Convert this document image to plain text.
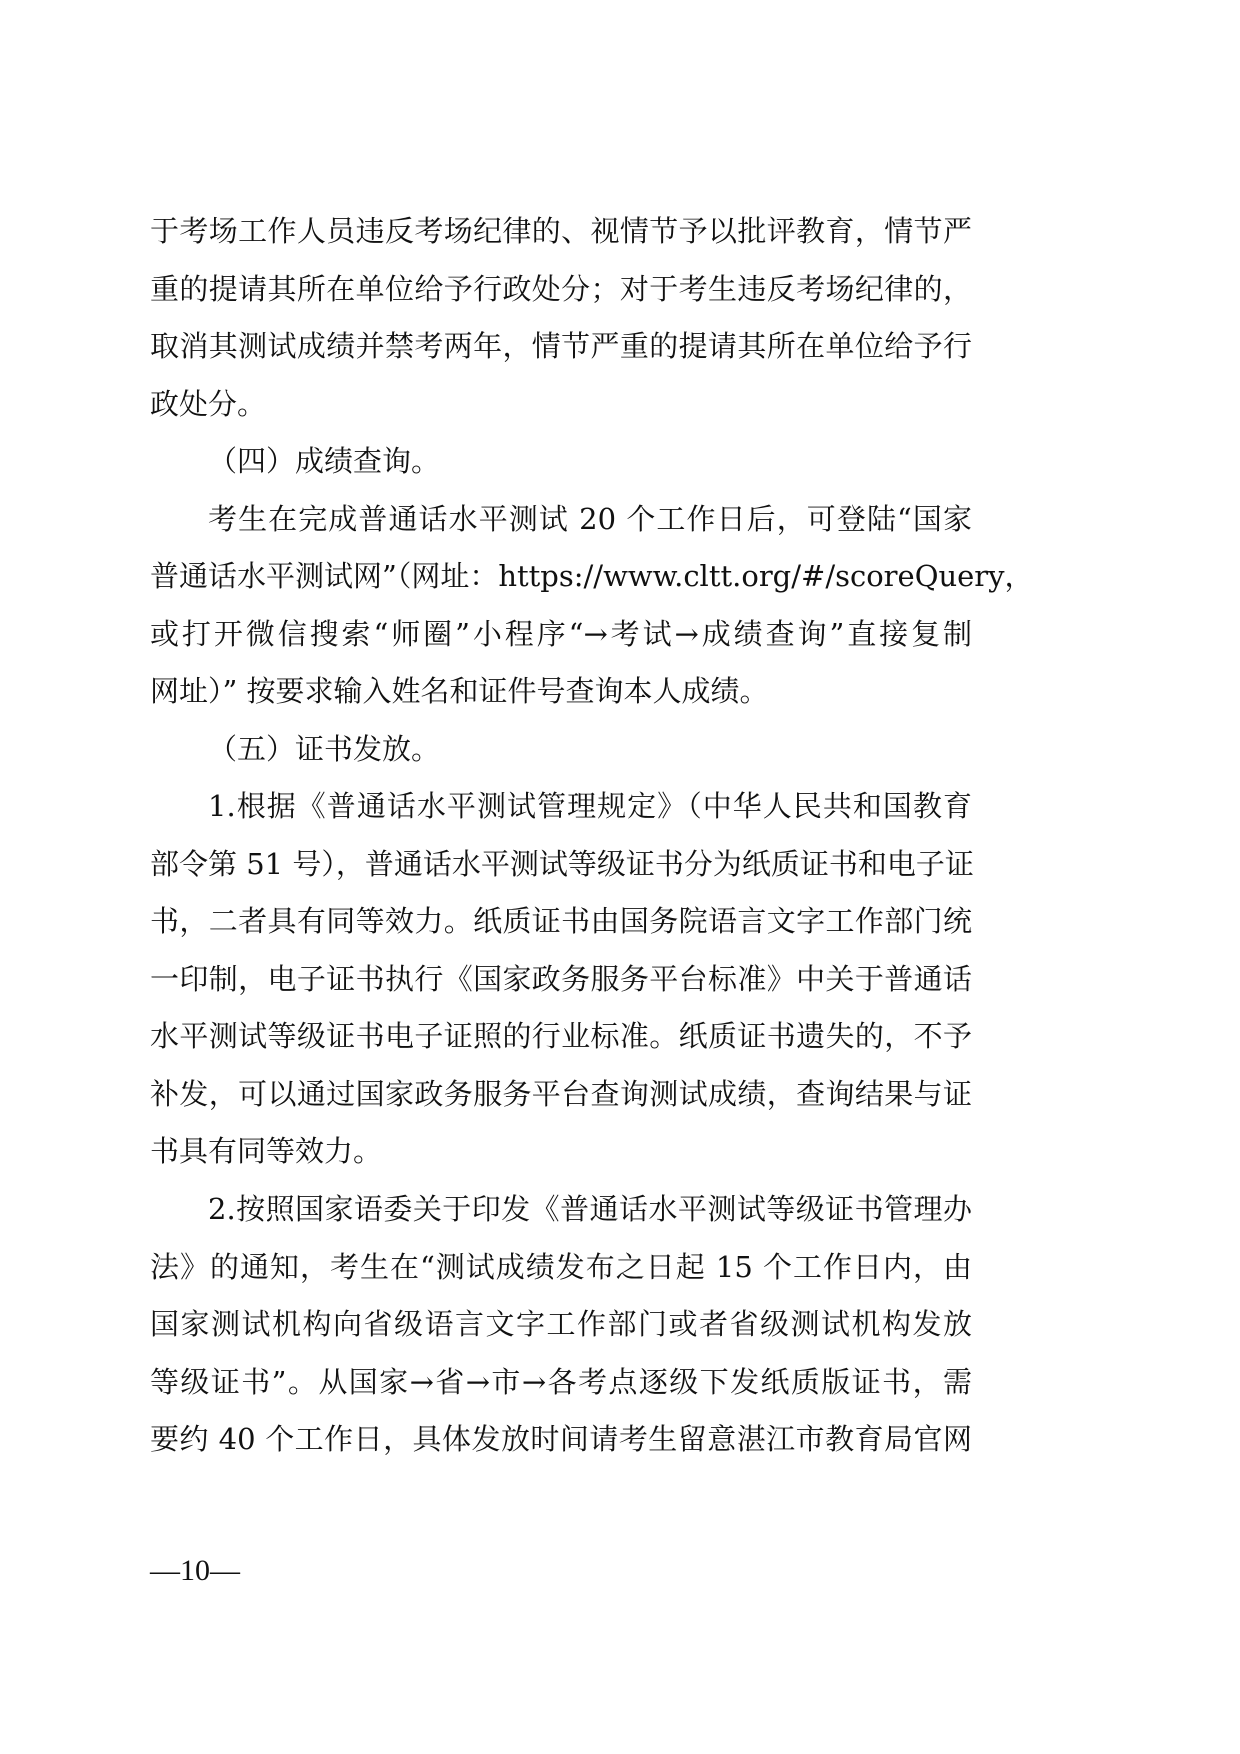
于考场工作人员违反考场纪律的、视情节予以批评教育，情节严
重的提请其所在单位给予行政处分；对于考生违反考场纪律的，
取消其测试成绩并禁考两年，情节严重的提请其所在单位给予行
政处分。
（四）成绩查询。
考生在完成普通话水平测试 20 个工作日后，可登陆“国家
普通话水平测试网”（网址：https://www.cltt.org/#/scoreQuery，
或打开微信搜索“师圈”小程序“→考试→成绩查询”直接复制
网址）” 按要求输入姓名和证件号查询本人成绩。
（五）证书发放。
1.根据《普通话水平测试管理规定》（中华人民共和国教育
部令第 51 号），普通话水平测试等级证书分为纸质证书和电子证
书，二者具有同等效力。纸质证书由国务院语言文字工作部门统
一印制，电子证书执行《国家政务服务平台标准》中关于普通话
水平测试等级证书电子证照的行业标准。纸质证书遗失的，不予
补发，可以通过国家政务服务平台查询测试成绩，查询结果与证
书具有同等效力。
2.按照国家语委关于印发《普通话水平测试等级证书管理办
法》的通知，考生在“测试成绩发布之日起 15 个工作日内，由
国家测试机构向省级语言文字工作部门或者省级测试机构发放
等级证书”。从国家→省→市→各考点逐级下发纸质版证书，需
要约 40 个工作日，具体发放时间请考生留意湛江市教育局官网
—10—
